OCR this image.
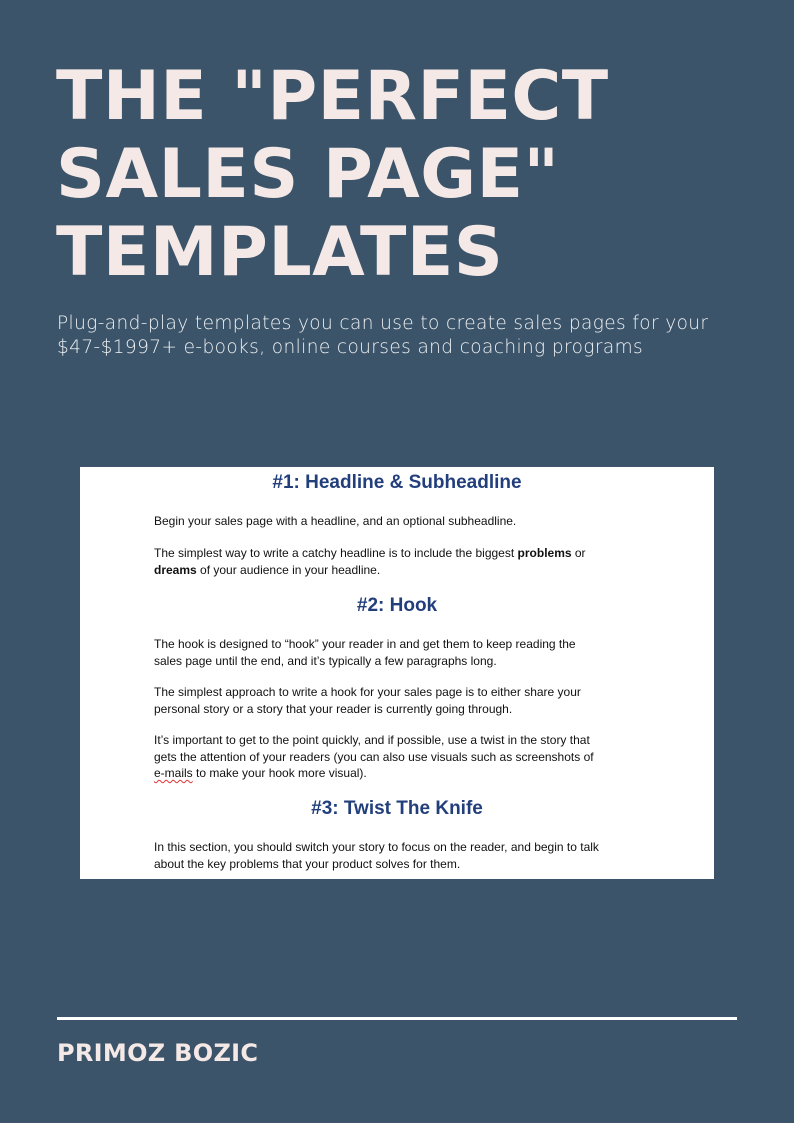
THE "PERFECT
SALES PAGE"
TEMPLATES
Plug-and-play templates you can use to create sales pages for your
$47-$1997+ e-books, online courses and coaching programs
#1: Headline & Subheadline

Begin your sales page with a headline, and an optional subheadline.

The simplest way to write a catchy headline is to include the biggest problems or
dreams of your audience in your headline.

#2: Hook

The hook is designed to “hook” your reader in and get them to keep reading the
sales page until the end, and it’s typically a few paragraphs long.

The simplest approach to write a hook for your sales page is to either share your
personal story or a story that your reader is currently going through.

It’s important to get to the point quickly, and if possible, use a twist in the story that
gets the attention of your readers (you can also use visuals such as screenshots of
e-mails to make your hook more visual).

#3: Twist The Knife

In this section, you should switch your story to focus on the reader, and begin to talk
about the key problems that your product solves for them.

PRIMOZ BOZIC
